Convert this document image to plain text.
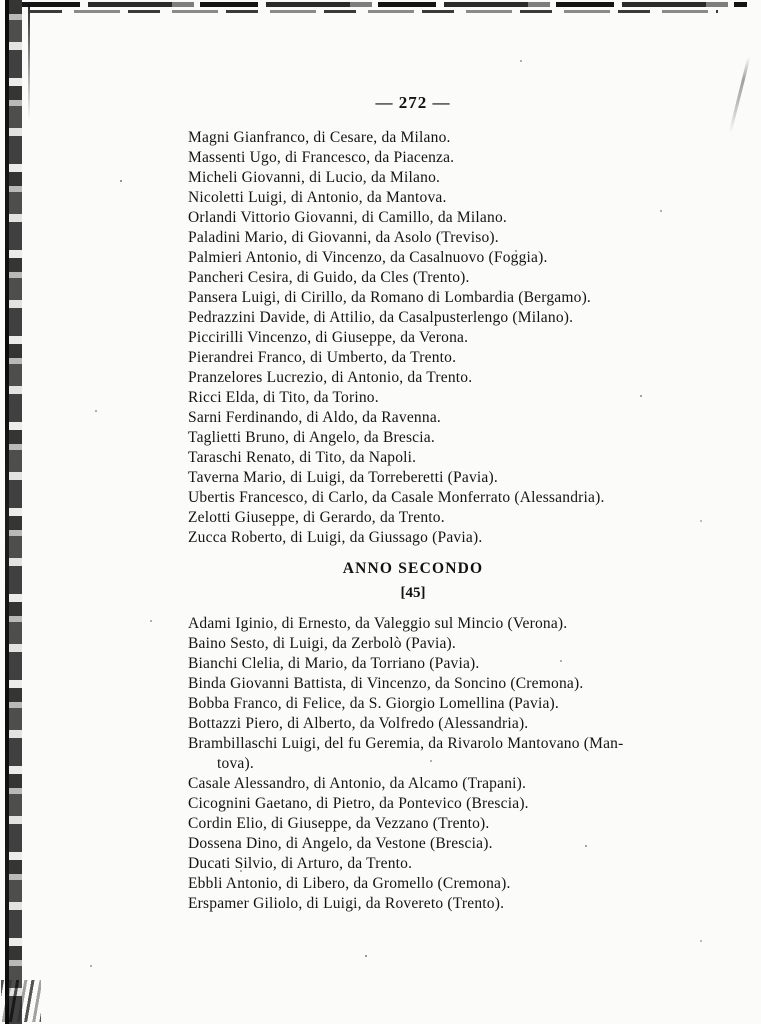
— 272 —
Magni Gianfranco, di Cesare, da Milano.
Massenti Ugo, di Francesco, da Piacenza.
Micheli Giovanni, di Lucio, da Milano.
Nicoletti Luigi, di Antonio, da Mantova.
Orlandi Vittorio Giovanni, di Camillo, da Milano.
Paladini Mario, di Giovanni, da Asolo (Treviso).
Palmieri Antonio, di Vincenzo, da Casalnuovo (Foggia).
Pancheri Cesira, di Guido, da Cles (Trento).
Pansera Luigi, di Cirillo, da Romano di Lombardia (Bergamo).
Pedrazzini Davide, di Attilio, da Casalpusterlengo (Milano).
Piccirilli Vincenzo, di Giuseppe, da Verona.
Pierandrei Franco, di Umberto, da Trento.
Pranzelores Lucrezio, di Antonio, da Trento.
Ricci Elda, di Tito, da Torino.
Sarni Ferdinando, di Aldo, da Ravenna.
Taglietti Bruno, di Angelo, da Brescia.
Taraschi Renato, di Tito, da Napoli.
Taverna Mario, di Luigi, da Torreberetti (Pavia).
Ubertis Francesco, di Carlo, da Casale Monferrato (Alessandria).
Zelotti Giuseppe, di Gerardo, da Trento.
Zucca Roberto, di Luigi, da Giussago (Pavia).
ANNO SECONDO
[45]
Adami Iginio, di Ernesto, da Valeggio sul Mincio (Verona).
Baino Sesto, di Luigi, da Zerbolò (Pavia).
Bianchi Clelia, di Mario, da Torriano (Pavia).
Binda Giovanni Battista, di Vincenzo, da Soncino (Cremona).
Bobba Franco, di Felice, da S. Giorgio Lomellina (Pavia).
Bottazzi Piero, di Alberto, da Volfredo (Alessandria).
Brambillaschi Luigi, del fu Geremia, da Rivarolo Mantovano (Man-
tova).
Casale Alessandro, di Antonio, da Alcamo (Trapani).
Cicognini Gaetano, di Pietro, da Pontevico (Brescia).
Cordin Elio, di Giuseppe, da Vezzano (Trento).
Dossena Dino, di Angelo, da Vestone (Brescia).
Ducati Silvio, di Arturo, da Trento.
Ebbli Antonio, di Libero, da Gromello (Cremona).
Erspamer Giliolo, di Luigi, da Rovereto (Trento).
